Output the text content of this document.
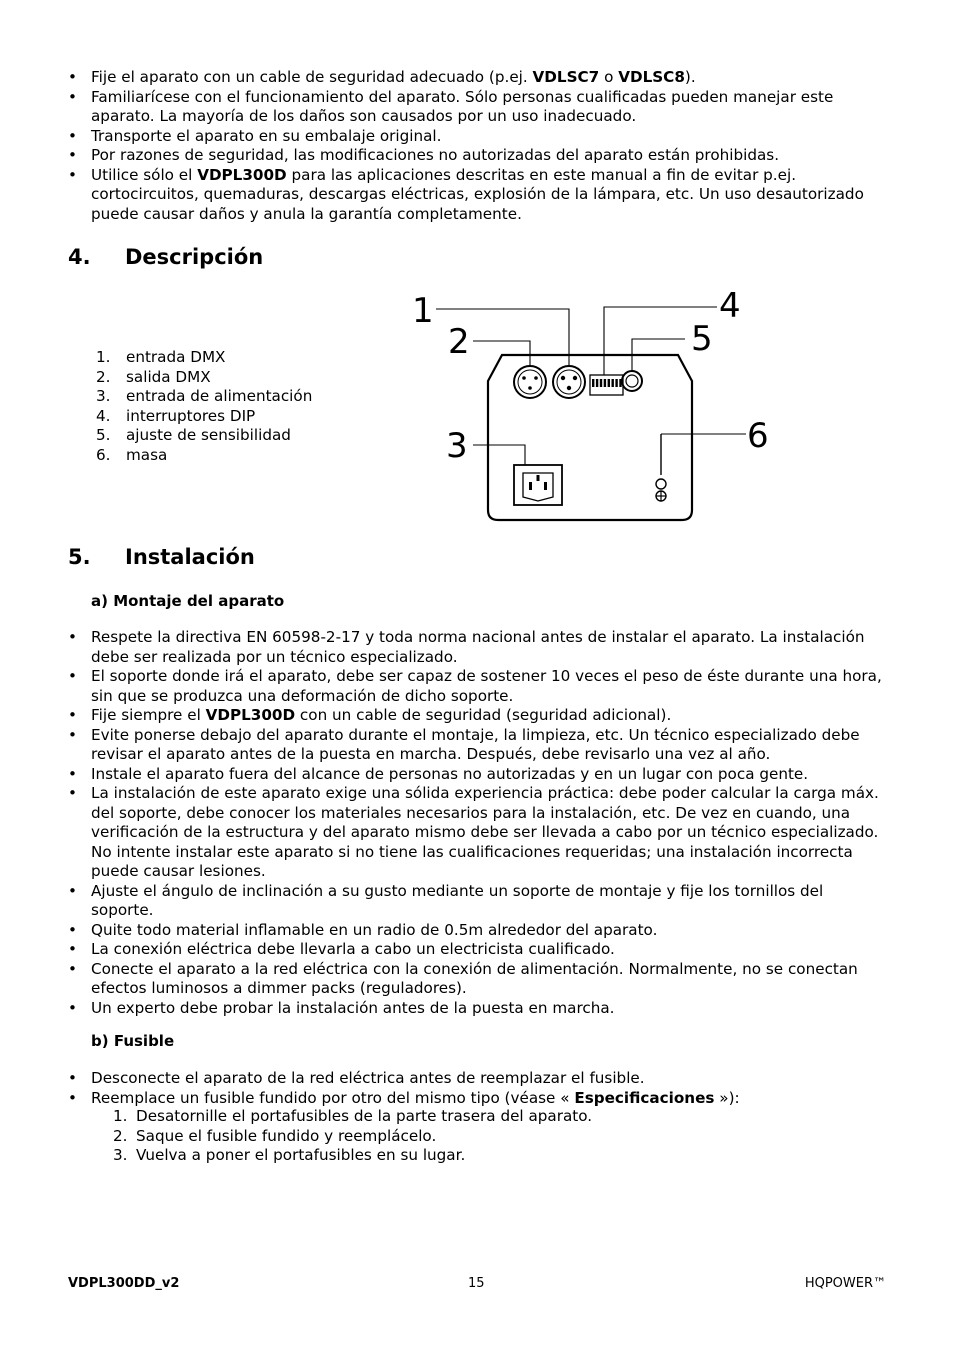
• Fije el aparato con un cable de seguridad adecuado (p.ej. VDLSC7 o VDLSC8).
• Familiarícese con el funcionamiento del aparato. Sólo personas cualificadas pueden manejar este aparato. La mayoría de los daños son causados por un uso inadecuado.
• Transporte el aparato en su embalaje original.
• Por razones de seguridad, las modificaciones no autorizadas del aparato están prohibidas.
• Utilice sólo el VDPL300D para las aplicaciones descritas en este manual a fin de evitar p.ej. cortocircuitos, quemaduras, descargas eléctricas, explosión de la lámpara, etc. Un uso desautorizado puede causar daños y anula la garantía completamente.
4. Descripción
1. entrada DMX
2. salida DMX
3. entrada de alimentación
4. interruptores DIP
5. ajuste de sensibilidad
6. masa
1
2
3
4
5
6
5. Instalación
a) Montaje del aparato
• Respete la directiva EN 60598-2-17 y toda norma nacional antes de instalar el aparato. La instalación debe ser realizada por un técnico especializado.
• El soporte donde irá el aparato, debe ser capaz de sostener 10 veces el peso de éste durante una hora, sin que se produzca una deformación de dicho soporte.
• Fije siempre el VDPL300D con un cable de seguridad (seguridad adicional).
• Evite ponerse debajo del aparato durante el montaje, la limpieza, etc. Un técnico especializado debe revisar el aparato antes de la puesta en marcha. Después, debe revisarlo una vez al año.
• Instale el aparato fuera del alcance de personas no autorizadas y en un lugar con poca gente.
• La instalación de este aparato exige una sólida experiencia práctica: debe poder calcular la carga máx. del soporte, debe conocer los materiales necesarios para la instalación, etc. De vez en cuando, una verificación de la estructura y del aparato mismo debe ser llevada a cabo por un técnico especializado. No intente instalar este aparato si no tiene las cualificaciones requeridas; una instalación incorrecta puede causar lesiones.
• Ajuste el ángulo de inclinación a su gusto mediante un soporte de montaje y fije los tornillos del soporte.
• Quite todo material inflamable en un radio de 0.5m alrededor del aparato.
• La conexión eléctrica debe llevarla a cabo un electricista cualificado.
• Conecte el aparato a la red eléctrica con la conexión de alimentación. Normalmente, no se conectan efectos luminosos a dimmer packs (reguladores).
• Un experto debe probar la instalación antes de la puesta en marcha.
b) Fusible
• Desconecte el aparato de la red eléctrica antes de reemplazar el fusible.
• Reemplace un fusible fundido por otro del mismo tipo (véase « Especificaciones »):
1. Desatornille el portafusibles de la parte trasera del aparato.
2. Saque el fusible fundido y reemplácelo.
3. Vuelva a poner el portafusibles en su lugar.
VDPL300DD_v2	15	HQPOWER™
